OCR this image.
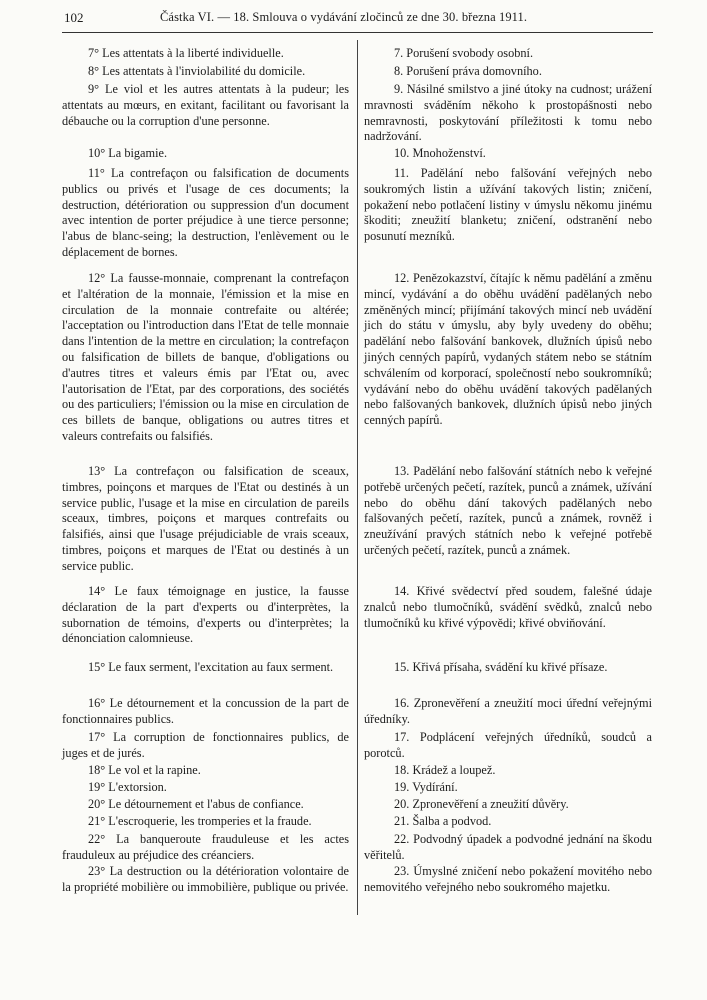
102	Částka VI. — 18. Smlouva o vydávání zločinců ze dne 30. března 1911.

7° Les attentats à la liberté individuelle.

8° Les attentats à l'inviolabilité du domicile.

9° Le viol et les autres attentats à la pudeur; les attentats au mœurs, en exitant, facilitant ou favorisant la débauche ou la corruption d'une personne.

10° La bigamie.

11° La contrefaçon ou falsification de documents publics ou privés et l'usage de ces documents; la destruction, détérioration ou suppression d'un document avec intention de porter préjudice à une tierce personne; l'abus de blanc-seing; la destruction, l'enlèvement ou le déplacement de bornes.

12° La fausse-monnaie, comprenant la contrefaçon et l'altération de la monnaie, l'émission et la mise en circulation de la monnaie contrefaite ou altérée; l'acceptation ou l'introduction dans l'Etat de telle monnaie dans l'intention de la mettre en circulation; la contrefaçon ou falsification de billets de banque, d'obligations ou d'autres titres et valeurs émis par l'Etat ou, avec l'autorisation de l'Etat, par des corporations, des sociétés ou des particuliers; l'émission ou la mise en circulation de ces billets de banque, obligations ou autres titres et valeurs contrefaits ou falsifiés.

13° La contrefaçon ou falsification de sceaux, timbres, poinçons et marques de l'Etat ou destinés à un service public, l'usage et la mise en circulation de pareils sceaux, timbres, poiçons et marques contrefaits ou falsifiés, ainsi que l'usage préjudiciable de vrais sceaux, timbres, poiçons et marques de l'Etat ou destinés à un service public.

14° Le faux témoignage en justice, la fausse déclaration de la part d'experts ou d'interprètes, la subornation de témoins, d'experts ou d'interprètes; la dénonciation calomnieuse.

15° Le faux serment, l'excitation au faux serment.

16° Le détournement et la concussion de la part de fonctionnaires publics.

17° La corruption de fonctionnaires publics, de juges et de jurés.

18° Le vol et la rapine.

19° L'extorsion.

20° Le détournement et l'abus de confiance.

21° L'escroquerie, les tromperies et la fraude.

22° La banqueroute frauduleuse et les actes frauduleux au préjudice des créanciers.

23° La destruction ou la détérioration volontaire de la propriété mobilière ou immobilière, publique ou privée.

7. Porušení svobody osobní.

8. Porušení práva domovního.

9. Násilné smilstvo a jiné útoky na cudnost; urážení mravnosti sváděním někoho k prostopášnosti nebo nemravnosti, poskytování příležitosti k tomu nebo nadržování.

10. Mnohoženství.

11. Padělání nebo falšování veřejných nebo soukromých listin a užívání takových listin; zničení, pokažení nebo potlačení listiny v úmyslu někomu jinému škoditi; zneužití blanketu; zničení, odstranění nebo posunutí mezníků.

12. Penězokazství, čítajíc k němu padělání a změnu mincí, vydávání a do oběhu uvádění padělaných nebo změněných mincí; přijímání takových mincí neb uvádění jich do státu v úmyslu, aby byly uvedeny do oběhu; padělání nebo falšování bankovek, dlužních úpisů nebo jiných cenných papírů, vydaných státem nebo se státním schválením od korporací, společností nebo soukromníků; vydávání nebo do oběhu uvádění takových padělaných nebo falšovaných bankovek, dlužních úpisů nebo jiných cenných papírů.

13. Padělání nebo falšování státních nebo k veřejné potřebě určených pečetí, razítek, punců a známek, užívání nebo do oběhu dání takových padělaných nebo falšovaných pečetí, razítek, punců a známek, rovněž i zneužívání pravých státních nebo k veřejné potřebě určených pečetí, razítek, punců a známek.

14. Křivé svědectví před soudem, falešné údaje znalců nebo tlumočníků, svádění svědků, znalců nebo tlumočníků ku křivé výpovědi; křivé obviňování.

15. Křivá přísaha, svádění ku křivé přísaze.

16. Zpronevěření a zneužití moci úřední veřejnými úředníky.

17. Podplácení veřejných úředníků, soudců a porotců.

18. Krádež a loupež.

19. Vydírání.

20. Zpronevěření a zneužití důvěry.

21. Šalba a podvod.

22. Podvodný úpadek a podvodné jednání na škodu věřitelů.

23. Úmyslné zničení nebo pokažení movitého nebo nemovitého veřejného nebo soukromého majetku.
